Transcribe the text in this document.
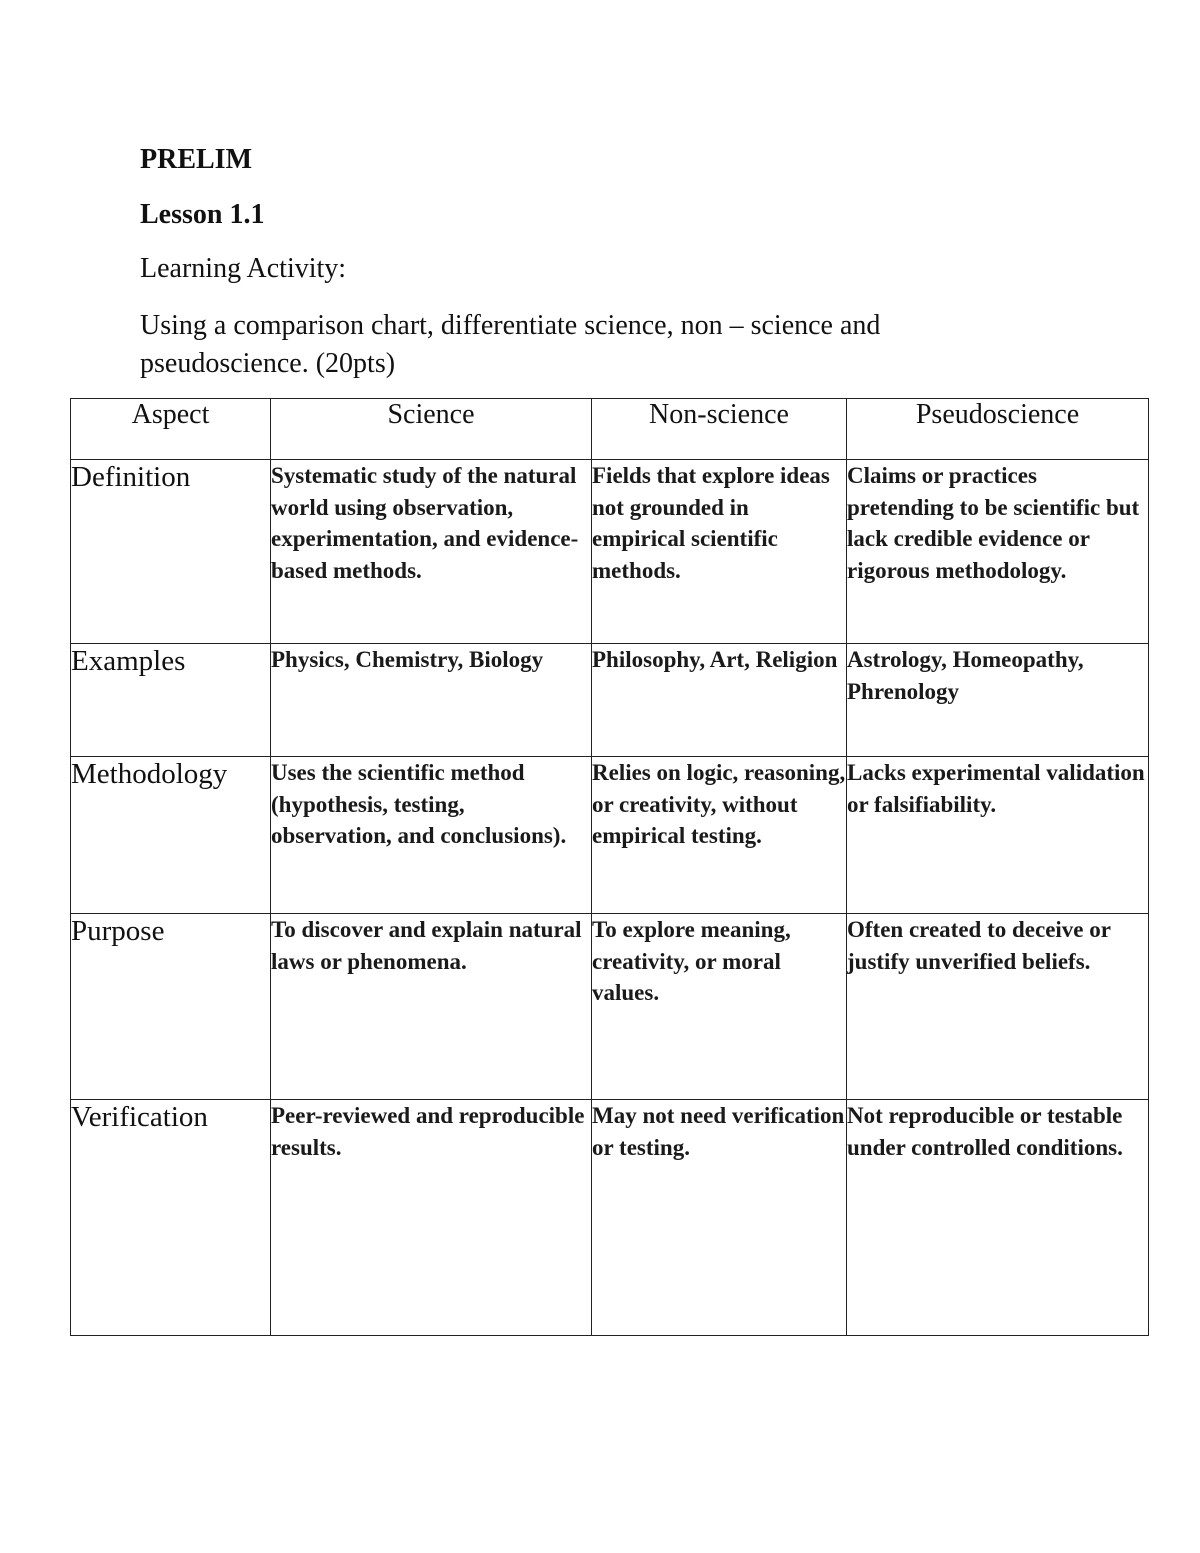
PRELIM

Lesson 1.1

Learning Activity:

Using a comparison chart, differentiate science, non – science and pseudoscience. (20pts)

Aspect	Science	Non-science	Pseudoscience
Definition	Systematic study of the natural world using observation, experimentation, and evidence-based methods.	Fields that explore ideas not grounded in empirical scientific methods.	Claims or practices pretending to be scientific but lack credible evidence or rigorous methodology.
Examples	Physics, Chemistry, Biology	Philosophy, Art, Religion	Astrology, Homeopathy, Phrenology
Methodology	Uses the scientific method (hypothesis, testing, observation, and conclusions).	Relies on logic, reasoning, or creativity, without empirical testing.	Lacks experimental validation or falsifiability.
Purpose	To discover and explain natural laws or phenomena.	To explore meaning, creativity, or moral values.	Often created to deceive or justify unverified beliefs.
Verification	Peer-reviewed and reproducible results.	May not need verification or testing.	Not reproducible or testable under controlled conditions.
